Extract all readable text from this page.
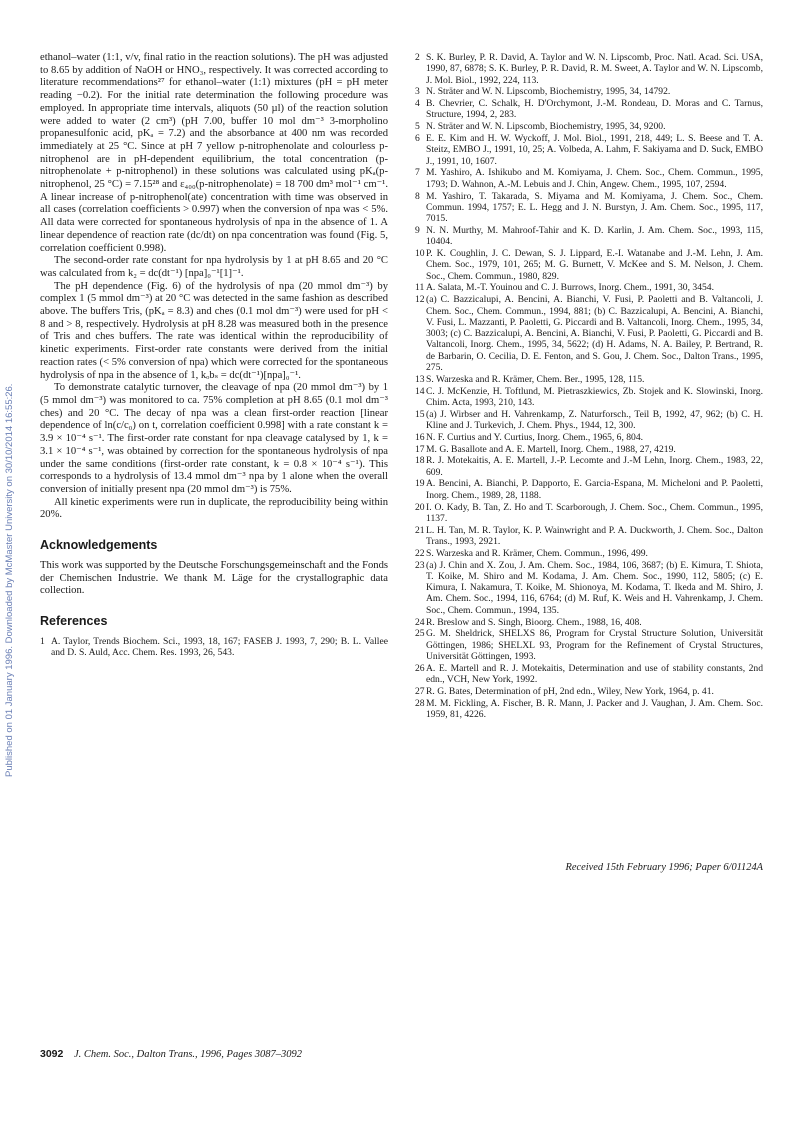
Published on 01 January 1996. Downloaded by McMaster University on 30/10/2014 16:55:26.

ethanol–water (1:1, v/v, final ratio in the reaction solutions). The pH was adjusted to 8.65 by addition of NaOH or HNO₃, respectively. It was corrected according to literature recommendations²⁷ for ethanol–water (1:1) mixtures (pH = pH meter reading −0.2). For the initial rate determination the following procedure was employed. In appropriate time intervals, aliquots (50 µl) of the reaction solution were added to water (2 cm³) (pH 7.00, buffer 10 mol dm⁻³ 3-morpholino propanesulfonic acid, pKₐ = 7.2) and the absorbance at 400 nm was recorded immediately at 25 °C. Since at pH 7 yellow p-nitrophenolate and colourless p-nitrophenol are in pH-dependent equilibrium, the total concentration (p-nitrophenolate + p-nitrophenol) in these solutions was calculated using pKₐ(p-nitrophenol, 25 °C) = 7.15²⁸ and ε₄₀₀(p-nitrophenolate) = 18 700 dm³ mol⁻¹ cm⁻¹. A linear increase of p-nitrophenol(ate) concentration with time was observed in all cases (correlation coefficients > 0.997) when the conversion of npa was < 5%. All data were corrected for spontaneous hydrolysis of npa in the absence of 1. A linear dependence of reaction rate (dc/dt) on npa concentration was found (Fig. 5, correlation coefficient 0.998).

The second-order rate constant for npa hydrolysis by 1 at pH 8.65 and 20 °C was calculated from k₂ = dc(dt⁻¹) [npa]₀⁻¹[1]⁻¹.

The pH dependence (Fig. 6) of the hydrolysis of npa (20 mmol dm⁻³) by complex 1 (5 mmol dm⁻³) at 20 °C was detected in the same fashion as described above. The buffers Tris, (pKₐ = 8.3) and ches (0.1 mol dm⁻³) were used for pH < 8 and > 8, respectively. Hydrolysis at pH 8.28 was measured both in the presence of Tris and ches buffers. The rate was identical within the reproducibility of kinetic experiments. First-order rate constants were derived from the initial reaction rates (< 5% conversion of npa) which were corrected for the spontaneous hydrolysis of npa in the absence of 1, kₒbₛ = dc(dt⁻¹)[npa]₀⁻¹.

To demonstrate catalytic turnover, the cleavage of npa (20 mmol dm⁻³) by 1 (5 mmol dm⁻³) was monitored to ca. 75% completion at pH 8.65 (0.1 mol dm⁻³ ches) and 20 °C. The decay of npa was a clean first-order reaction [linear dependence of ln(c/c₀) on t, correlation coefficient 0.998] with a rate constant k = 3.9 × 10⁻⁴ s⁻¹. The first-order rate constant for npa cleavage catalysed by 1, k = 3.1 × 10⁻⁴ s⁻¹, was obtained by correction for the spontaneous hydrolysis of npa under the same conditions (first-order rate constant, k = 0.8 × 10⁻⁴ s⁻¹). This corresponds to a hydrolysis of 13.4 mmol dm⁻³ npa by 1 alone when the overall conversion of initially present npa (20 mmol dm⁻³) is 75%.

All kinetic experiments were run in duplicate, the reproducibility being within 20%.

Acknowledgements

This work was supported by the Deutsche Forschungsgemeinschaft and the Fonds der Chemischen Industrie. We thank M. Läge for the crystallographic data collection.

References
1 A. Taylor, Trends Biochem. Sci., 1993, 18, 167; FASEB J. 1993, 7, 290; B. L. Vallee and D. S. Auld, Acc. Chem. Res. 1993, 26, 543.
2 S. K. Burley, P. R. David, A. Taylor and W. N. Lipscomb, Proc. Natl. Acad. Sci. USA, 1990, 87, 6878; S. K. Burley, P. R. David, R. M. Sweet, A. Taylor and W. N. Lipscomb, J. Mol. Biol., 1992, 224, 113.
3 N. Sträter and W. N. Lipscomb, Biochemistry, 1995, 34, 14792.
4 B. Chevrier, C. Schalk, H. D'Orchymont, J.-M. Rondeau, D. Moras and C. Tarnus, Structure, 1994, 2, 283.
5 N. Sträter and W. N. Lipscomb, Biochemistry, 1995, 34, 9200.
6 E. E. Kim and H. W. Wyckoff, J. Mol. Biol., 1991, 218, 449; L. S. Beese and T. A. Steitz, EMBO J., 1991, 10, 25; A. Volbeda, A. Lahm, F. Sakiyama and D. Suck, EMBO J., 1991, 10, 1607.
7 M. Yashiro, A. Ishikubo and M. Komiyama, J. Chem. Soc., Chem. Commun., 1995, 1793; D. Wahnon, A.-M. Lebuis and J. Chin, Angew. Chem., 1995, 107, 2594.
8 M. Yashiro, T. Takarada, S. Miyama and M. Komiyama, J. Chem. Soc., Chem. Commun. 1994, 1757; E. L. Hegg and J. N. Burstyn, J. Am. Chem. Soc., 1995, 117, 7015.
9 N. N. Murthy, M. Mahroof-Tahir and K. D. Karlin, J. Am. Chem. Soc., 1993, 115, 10404.
10 P. K. Coughlin, J. C. Dewan, S. J. Lippard, E.-I. Watanabe and J.-M. Lehn, J. Am. Chem. Soc., 1979, 101, 265; M. G. Burnett, V. McKee and S. M. Nelson, J. Chem. Soc., Chem. Commun., 1980, 829.
11 A. Salata, M.-T. Youinou and C. J. Burrows, Inorg. Chem., 1991, 30, 3454.
12 (a) C. Bazzicalupi, A. Bencini, A. Bianchi, V. Fusi, P. Paoletti and B. Valtancoli, J. Chem. Soc., Chem. Commun., 1994, 881; (b) C. Bazzicalupi, A. Bencini, A. Bianchi, V. Fusi, L. Mazzanti, P. Paoletti, G. Piccardi and B. Valtancoli, Inorg. Chem., 1995, 34, 3003; (c) C. Bazzicalupi, A. Bencini, A. Bianchi, V. Fusi, P. Paoletti, G. Piccardi and B. Valtancoli, Inorg. Chem., 1995, 34, 5622; (d) H. Adams, N. A. Bailey, P. Bertrand, R. de Barbarin, O. Cecilia, D. E. Fenton, and S. Gou, J. Chem. Soc., Dalton Trans., 1995, 275.
13 S. Warzeska and R. Krämer, Chem. Ber., 1995, 128, 115.
14 C. J. McKenzie, H. Toftlund, M. Pietraszkiewics, Zb. Stojek and K. Slowinski, Inorg. Chim. Acta, 1993, 210, 143.
15 (a) J. Wirbser and H. Vahrenkamp, Z. Naturforsch., Teil B, 1992, 47, 962; (b) C. H. Kline and J. Turkevich, J. Chem. Phys., 1944, 12, 300.
16 N. F. Curtius and Y. Curtius, Inorg. Chem., 1965, 6, 804.
17 M. G. Basallote and A. E. Martell, Inorg. Chem., 1988, 27, 4219.
18 R. J. Motekaitis, A. E. Martell, J.-P. Lecomte and J.-M Lehn, Inorg. Chem., 1983, 22, 609.
19 A. Bencini, A. Bianchi, P. Dapporto, E. Garcia-Espana, M. Micheloni and P. Paoletti, Inorg. Chem., 1989, 28, 1188.
20 I. O. Kady, B. Tan, Z. Ho and T. Scarborough, J. Chem. Soc., Chem. Commun., 1995, 1137.
21 L. H. Tan, M. R. Taylor, K. P. Wainwright and P. A. Duckworth, J. Chem. Soc., Dalton Trans., 1993, 2921.
22 S. Warzeska and R. Krämer, Chem. Commun., 1996, 499.
23 (a) J. Chin and X. Zou, J. Am. Chem. Soc., 1984, 106, 3687; (b) E. Kimura, T. Shiota, T. Koike, M. Shiro and M. Kodama, J. Am. Chem. Soc., 1990, 112, 5805; (c) E. Kimura, I. Nakamura, T. Koike, M. Shionoya, M. Kodama, T. Ikeda and M. Shiro, J. Am. Chem. Soc., 1994, 116, 6764; (d) M. Ruf, K. Weis and H. Vahrenkamp, J. Chem. Soc., Chem. Commun., 1994, 135.
24 R. Breslow and S. Singh, Bioorg. Chem., 1988, 16, 408.
25 G. M. Sheldrick, SHELXS 86, Program for Crystal Structure Solution, Universität Göttingen, 1986; SHELXL 93, Program for the Refinement of Crystal Structures, Universität Göttingen, 1993.
26 A. E. Martell and R. J. Motekaitis, Determination and use of stability constants, 2nd edn., VCH, New York, 1992.
27 R. G. Bates, Determination of pH, 2nd edn., Wiley, New York, 1964, p. 41.
28 M. M. Fickling, A. Fischer, B. R. Mann, J. Packer and J. Vaughan, J. Am. Chem. Soc. 1959, 81, 4226.
Received 15th February 1996; Paper 6/01124A
3092 J. Chem. Soc., Dalton Trans., 1996, Pages 3087–3092
